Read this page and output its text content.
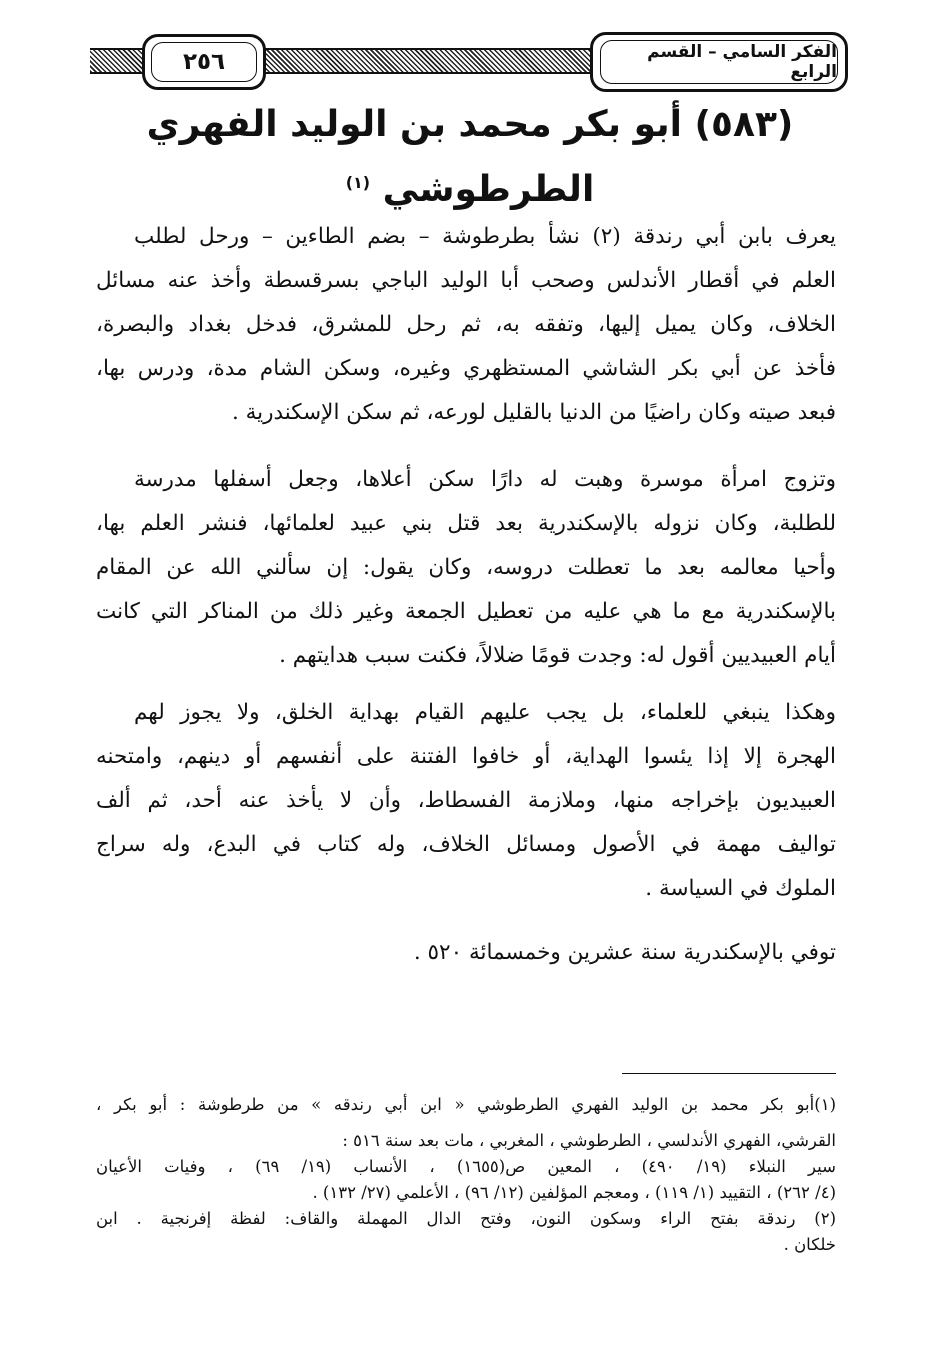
٢٥٦	الفكر السامي – القسم الرابع
(٥٨٣) أبو بكر محمد بن الوليد الفهري
الطرطوشي $^{(١)}$
يعرف بابن أبي رندقة (٢) نشأ بطرطوشة – بضم الطاءين – ورحل لطلب
العلم في أقطار الأندلس وصحب أبا الوليد الباجي بسرقسطة وأخذ عنه مسائل
الخلاف، وكان يميل إليها، وتفقه به، ثم رحل للمشرق، فدخل بغداد والبصرة،
فأخذ عن أبي بكر الشاشي المستظهري وغيره، وسكن الشام مدة، ودرس بها،
فبعد صيته وكان راضيًا من الدنيا بالقليل لورعه، ثم سكن الإسكندرية .
وتزوج امرأة موسرة وهبت له دارًا سكن أعلاها، وجعل أسفلها مدرسة
للطلبة، وكان نزوله بالإسكندرية بعد قتل بني عبيد لعلمائها، فنشر العلم بها،
وأحيا معالمه بعد ما تعطلت دروسه، وكان يقول: إن سألني الله عن المقام
بالإسكندرية مع ما هي عليه من تعطيل الجمعة وغير ذلك من المناكر التي كانت
أيام العبيديين أقول له: وجدت قومًا ضلالاً، فكنت سبب هدايتهم .
وهكذا ينبغي للعلماء، بل يجب عليهم القيام بهداية الخلق، ولا يجوز لهم
الهجرة إلا إذا يئسوا الهداية، أو خافوا الفتنة على أنفسهم أو دينهم، وامتحنه
العبيديون بإخراجه منها، وملازمة الفسطاط، وأن لا يأخذ عنه أحد، ثم ألف
تواليف مهمة في الأصول ومسائل الخلاف، وله كتاب في البدع، وله سراج
الملوك في السياسة .
توفي بالإسكندرية سنة عشرين وخمسمائة ٥٢٠ .
(١)أبو بكر محمد بن الوليد الفهري الطرطوشي « ابن أبي رندقه » من طرطوشة : أبو بكر ،
القرشي، الفهري الأندلسي ، الطرطوشي ، المغربي ، مات بعد سنة ٥١٦ :
سير النبلاء (١٩/ ٤٩٠) ، المعين ص(١٦٥٥) ، الأنساب (١٩/ ٦٩) ، وفيات الأعيان
(٤/ ٢٦٢) ، التقييد (١/ ١١٩) ، ومعجم المؤلفين (١٢/ ٩٦) ، الأعلمي (٢٧/ ١٣٢) .
(٢) رندقة بفتح الراء وسكون النون، وفتح الدال المهملة والقاف: لفظة إفرنجية . ابن
خلكان .
